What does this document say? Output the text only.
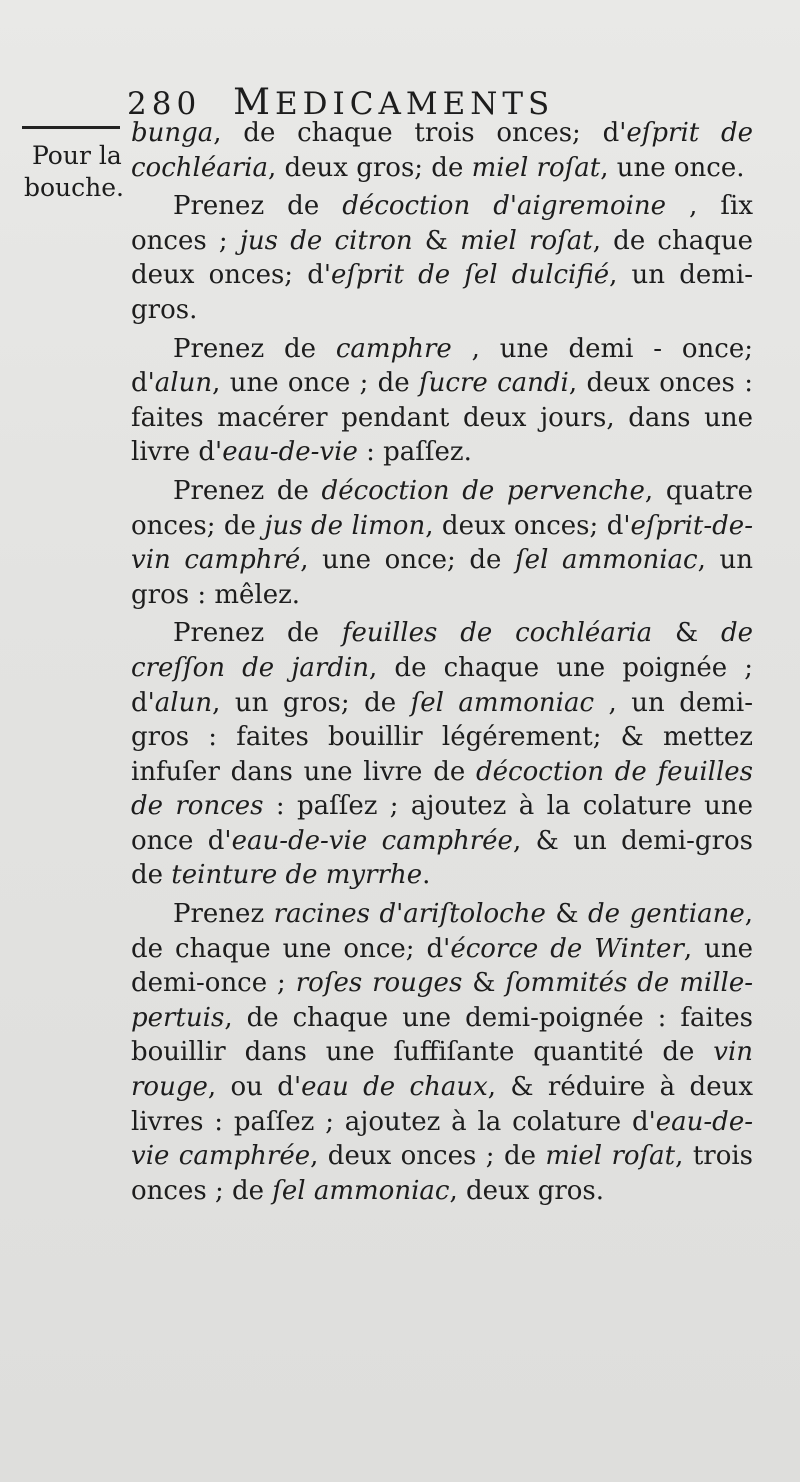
280 MEDICAMENTS
Pour la
bouche.

bunga, de chaque trois onces; d'eſprit de cochléaria, deux gros; de miel roſat, une once.

Prenez de décoction d'aigremoine , ſix onces ; jus de citron & miel roſat, de chaque deux onces; d'eſprit de ſel dulcifié, un demi-gros.

Prenez de camphre , une demi - once; d'alun, une once ; de ſucre candi, deux onces : faites macérer pendant deux jours, dans une livre d'eau-de-vie : paſſez.

Prenez de décoction de pervenche, quatre onces; de jus de limon, deux onces; d'eſprit-de-vin camphré, une once; de ſel ammoniac, un gros : mêlez.

Prenez de feuilles de cochléaria & de creſſon de jardin, de chaque une poignée ; d'alun, un gros; de ſel ammoniac , un demi-gros : faites bouillir légérement; & mettez infuſer dans une livre de décoction de feuilles de ronces : paſſez ; ajoutez à la colature une once d'eau-de-vie camphrée, & un demi-gros de teinture de myrrhe.

Prenez racines d'ariſtoloche & de gentiane, de chaque une once; d'écorce de Winter, une demi-once ; roſes rouges & ſommités de mille-pertuis, de chaque une demi-poignée : faites bouillir dans une ſuffiſante quantité de vin rouge, ou d'eau de chaux, & réduire à deux livres : paſſez ; ajoutez à la colature d'eau-de-vie camphrée, deux onces ; de miel roſat, trois onces ; de ſel ammoniac, deux gros.
